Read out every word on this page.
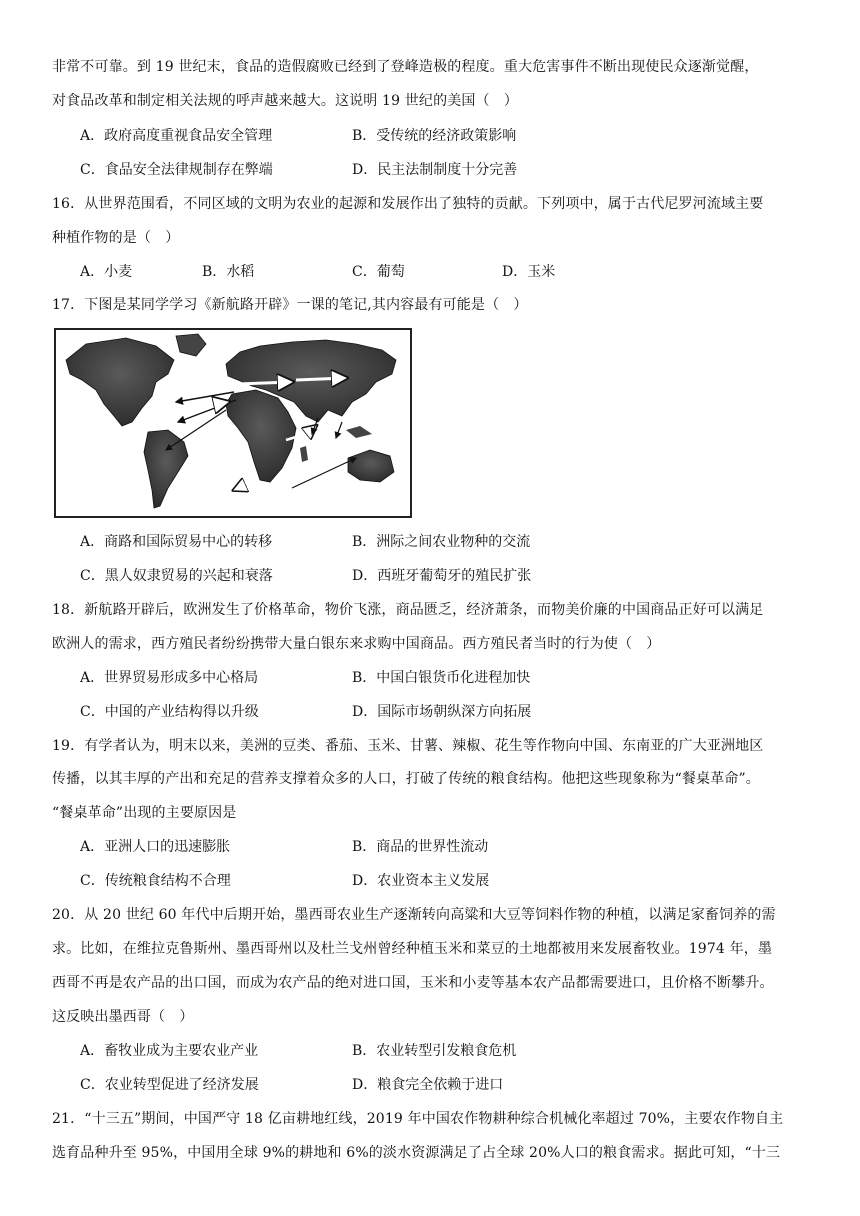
非常不可靠。到 19 世纪末，食品的造假腐败已经到了登峰造极的程度。重大危害事件不断出现使民众逐渐觉醒，
对食品改革和制定相关法规的呼声越来越大。这说明 19 世纪的美国（　）
A．政府高度重视食品安全管理	B．受传统的经济政策影响
C．食品安全法律规制存在弊端	D．民主法制制度十分完善
16．从世界范围看，不同区域的文明为农业的起源和发展作出了独特的贡献。下列项中，属于古代尼罗河流域主要
种植作物的是（　）
A．小麦	B．水稻	C．葡萄	D．玉米
17．下图是某同学学习《新航路开辟》一课的笔记,其内容最有可能是（　）
A．商路和国际贸易中心的转移	B．洲际之间农业物种的交流
C．黑人奴隶贸易的兴起和衰落	D．西班牙葡萄牙的殖民扩张
18．新航路开辟后，欧洲发生了价格革命，物价飞涨，商品匮乏，经济萧条，而物美价廉的中国商品正好可以满足
欧洲人的需求，西方殖民者纷纷携带大量白银东来求购中国商品。西方殖民者当时的行为使（　）
A．世界贸易形成多中心格局	B．中国白银货币化进程加快
C．中国的产业结构得以升级	D．国际市场朝纵深方向拓展
19．有学者认为，明末以来，美洲的豆类、番茄、玉米、甘薯、辣椒、花生等作物向中国、东南亚的广大亚洲地区
传播，以其丰厚的产出和充足的营养支撑着众多的人口，打破了传统的粮食结构。他把这些现象称为“餐桌革命”。
“餐桌革命”出现的主要原因是
A．亚洲人口的迅速膨胀	B．商品的世界性流动
C．传统粮食结构不合理	D．农业资本主义发展
20．从 20 世纪 60 年代中后期开始，墨西哥农业生产逐渐转向高粱和大豆等饲料作物的种植，以满足家畜饲养的需
求。比如，在维拉克鲁斯州、墨西哥州以及杜兰戈州曾经种植玉米和菜豆的土地都被用来发展畜牧业。1974 年，墨
西哥不再是农产品的出口国，而成为农产品的绝对进口国，玉米和小麦等基本农产品都需要进口，且价格不断攀升。
这反映出墨西哥（　）
A．畜牧业成为主要农业产业	B．农业转型引发粮食危机
C．农业转型促进了经济发展	D．粮食完全依赖于进口
21．“十三五”期间，中国严守 18 亿亩耕地红线，2019 年中国农作物耕种综合机械化率超过 70%，主要农作物自主
选育品种升至 95%，中国用全球 9%的耕地和 6%的淡水资源满足了占全球 20%人口的粮食需求。据此可知，“十三
